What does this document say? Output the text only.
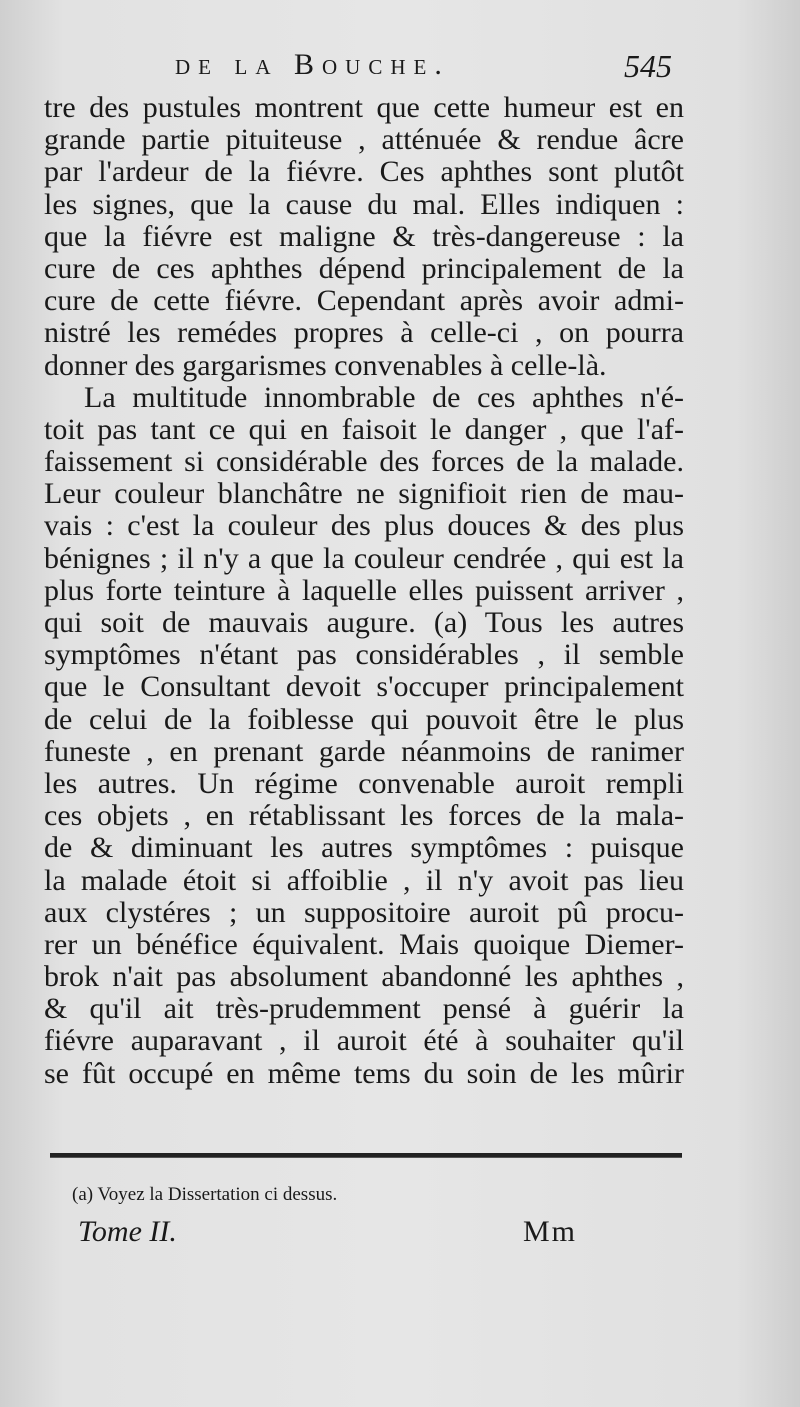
de la Bouche.	545
tre des pustules montrent que cette humeur est en
grande partie pituiteuse , atténuée & rendue âcre
par l'ardeur de la fiévre. Ces aphthes sont plutôt
les signes, que la cause du mal. Elles indiquen :
que la fiévre est maligne & très-dangereuse : la
cure de ces aphthes dépend principalement de la
cure de cette fiévre. Cependant après avoir admi-
nistré les remédes propres à celle-ci , on pourra
donner des gargarismes convenables à celle-là.
La multitude innombrable de ces aphthes n'é-
toit pas tant ce qui en faisoit le danger , que l'af-
faissement si considérable des forces de la malade.
Leur couleur blanchâtre ne signifioit rien de mau-
vais : c'est la couleur des plus douces & des plus
bénignes ; il n'y a que la couleur cendrée , qui est la
plus forte teinture à laquelle elles puissent arriver ,
qui soit de mauvais augure. (a) Tous les autres
symptômes n'étant pas considérables , il semble
que le Consultant devoit s'occuper principalement
de celui de la foiblesse qui pouvoit être le plus
funeste , en prenant garde néanmoins de ranimer
les autres. Un régime convenable auroit rempli
ces objets , en rétablissant les forces de la mala-
de & diminuant les autres symptômes : puisque
la malade étoit si affoiblie , il n'y avoit pas lieu
aux clystéres ; un suppositoire auroit pû procu-
rer un bénéfice équivalent. Mais quoique Diemer-
brok n'ait pas absolument abandonné les aphthes ,
& qu'il ait très-prudemment pensé à guérir la
fiévre auparavant , il auroit été à souhaiter qu'il
se fût occupé en même tems du soin de les mûrir
(a) Voyez la Dissertation ci dessus.
Tome II.	Mm
